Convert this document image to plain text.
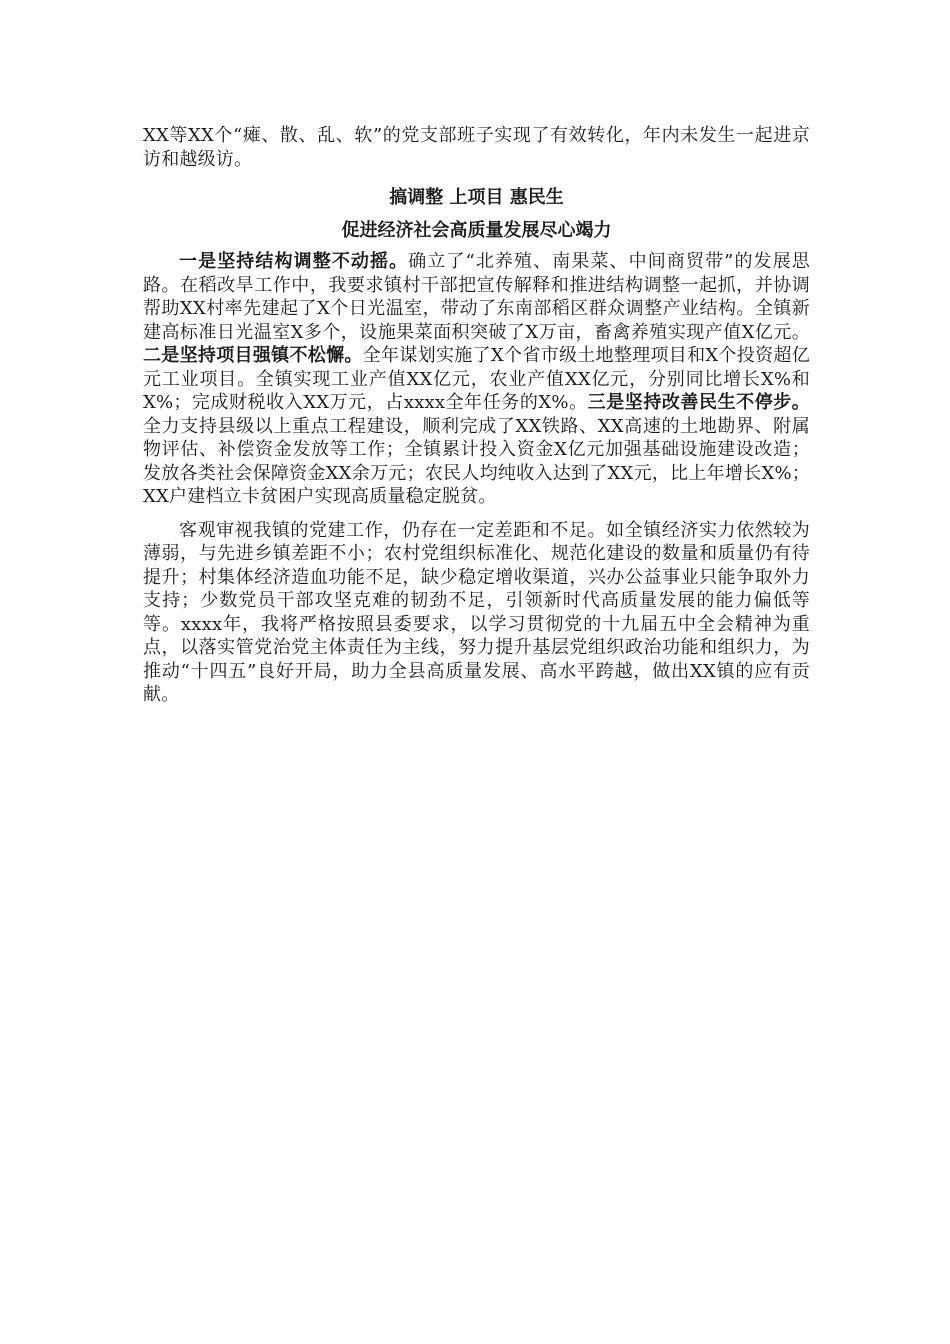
XX等XX个“瘫、散、乱、软”的党支部班子实现了有效转化，年内未发生一起进京访和越级访。

搞调整 上项目 惠民生
促进经济社会高质量发展尽心竭力

一是坚持结构调整不动摇。确立了“北养殖、南果菜、中间商贸带”的发展思路。在稻改旱工作中，我要求镇村干部把宣传解释和推进结构调整一起抓，并协调帮助XX村率先建起了X个日光温室，带动了东南部稻区群众调整产业结构。全镇新建高标准日光温室X多个，设施果菜面积突破了X万亩，畜禽养殖实现产值X亿元。二是坚持项目强镇不松懈。全年谋划实施了X个省市级土地整理项目和X个投资超亿元工业项目。全镇实现工业产值XX亿元，农业产值XX亿元，分别同比增长X%和X%；完成财税收入XX万元，占xxxx全年任务的X%。三是坚持改善民生不停步。全力支持县级以上重点工程建设，顺利完成了XX铁路、XX高速的土地勘界、附属物评估、补偿资金发放等工作；全镇累计投入资金X亿元加强基础设施建设改造；发放各类社会保障资金XX余万元；农民人均纯收入达到了XX元，比上年增长X%；XX户建档立卡贫困户实现高质量稳定脱贫。

客观审视我镇的党建工作，仍存在一定差距和不足。如全镇经济实力依然较为薄弱，与先进乡镇差距不小；农村党组织标准化、规范化建设的数量和质量仍有待提升；村集体经济造血功能不足，缺少稳定增收渠道，兴办公益事业只能争取外力支持；少数党员干部攻坚克难的韧劲不足，引领新时代高质量发展的能力偏低等等。xxxx年，我将严格按照县委要求，以学习贯彻党的十九届五中全会精神为重点，以落实管党治党主体责任为主线，努力提升基层党组织政治功能和组织力，为推动“十四五”良好开局，助力全县高质量发展、高水平跨越，做出XX镇的应有贡献。
